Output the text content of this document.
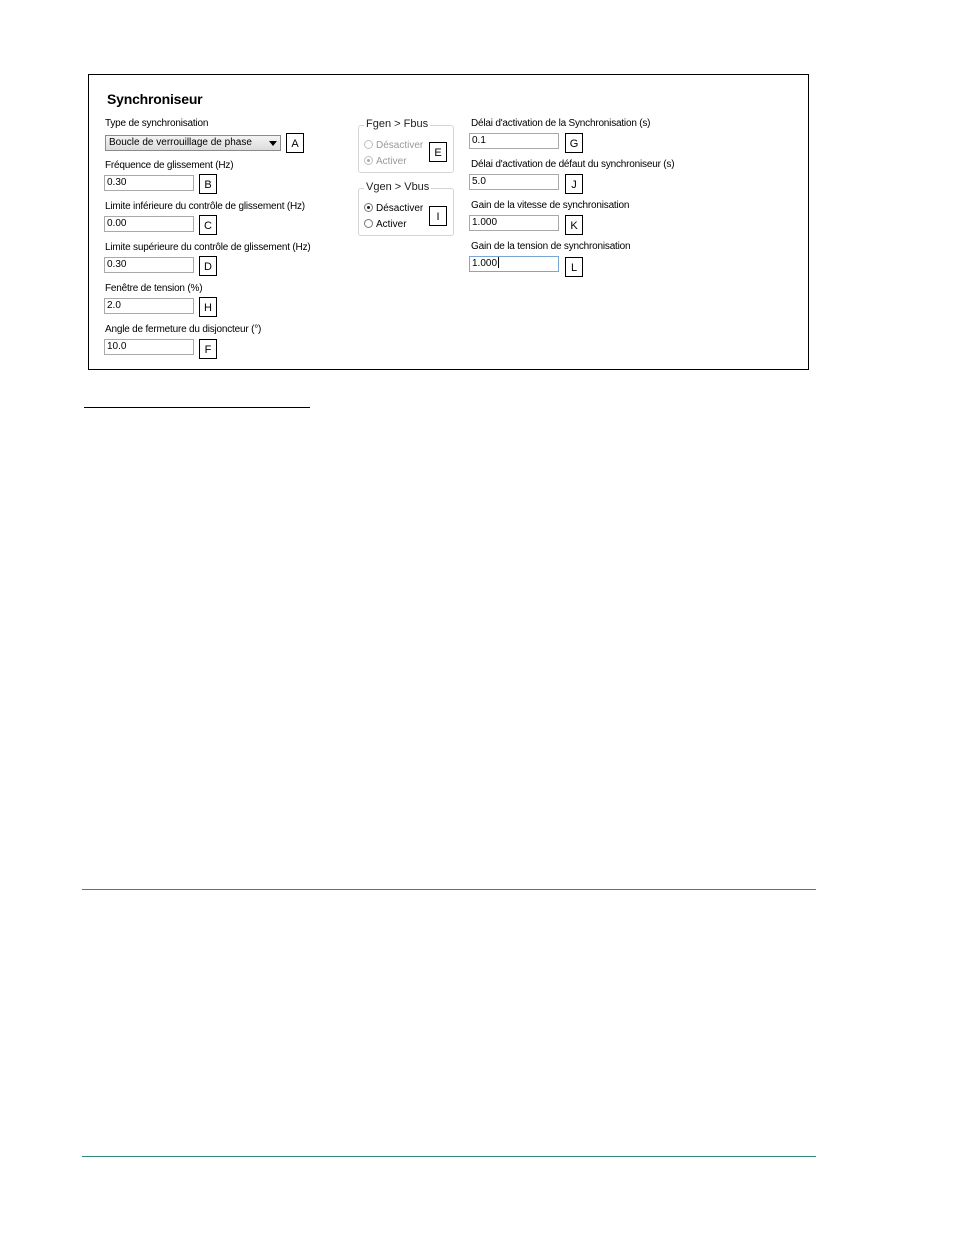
Synchroniseur
Type de synchronisation
Boucle de verrouillage de phase	A
Fréquence de glissement (Hz)
0.30	B
Limite inférieure du contrôle de glissement (Hz)
0.00	C
Limite supérieure du contrôle de glissement (Hz)
0.30	D
Fenêtre de tension (%)
2.0	H
Angle de fermeture du disjoncteur (°)
10.0	F
Fgen > Fbus
Désactiver
Activer
E
Vgen > Vbus
Désactiver
Activer
I
Délai d'activation de la Synchronisation (s)
0.1	G
Délai d'activation de défaut du synchroniseur (s)
5.0	J
Gain de la vitesse de synchronisation
1.000	K
Gain de la tension de synchronisation
1.000	L
